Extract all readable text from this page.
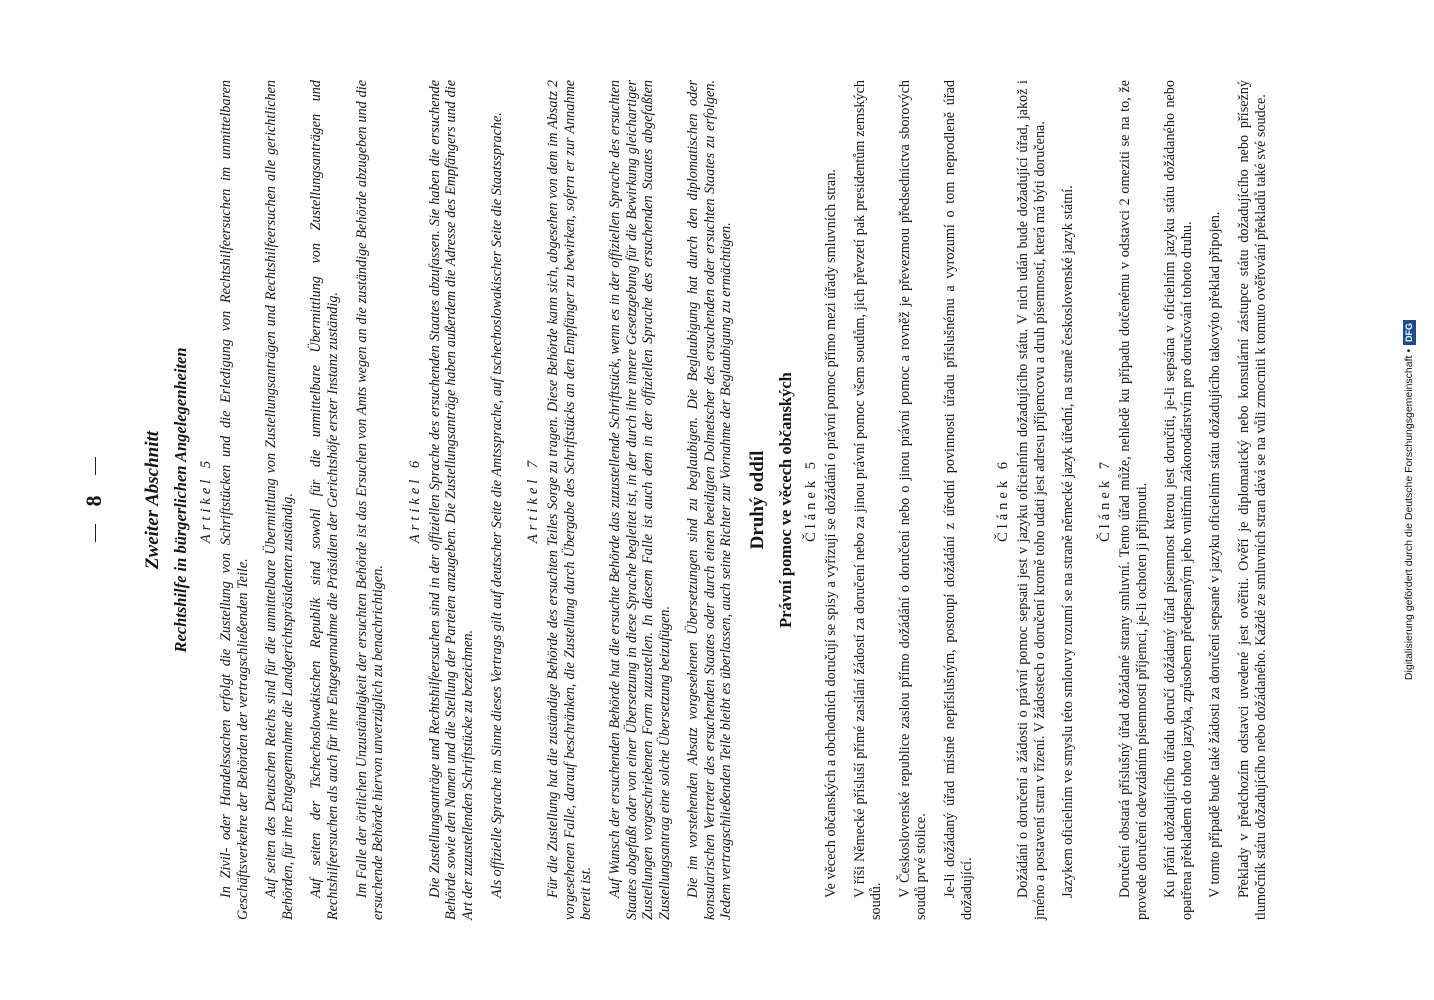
8	Zweiter Abschnitt Rechtshilfe in bürgerlichen Angelegenheiten Artikel 5 In Zivil- oder Handelssachen erfolgt die Zustellung von Schriftstücken und die Erledigung von Rechtshilfeersuchen im unmittelbaren Geschäftsverkehre der Behörden der vertragschließenden Teile. Auf seiten des Deutschen Reichs sind für die unmittelbare Übermittlung von Zustellungsanträgen und Rechtshilfeersuchen alle gerichtlichen Behörden, für ihre Entgegennahme die Landgerichtspräsidenten zuständig. Auf seiten der Tschechoslowakischen Republik sind sowohl für die unmittelbare Übermittlung von Zustellungsanträgen und Rechtshilfeersuchen als auch für ihre Entgegennahme die Präsidien der Gerichtshöfe erster Instanz zuständig. Im Falle der örtlichen Unzuständigkeit der ersuchten Behörde ist das Ersuchen von Amts wegen an die zuständige Behörde abzugeben und die ersuchende Behörde hiervon unverzüglich zu benachrichtigen.

Artikel 6 Die Zustellungsanträge und Rechtshilfeersuchen sind in der offiziellen Sprache des ersuchenden Staates abzufassen. Sie haben die ersuchende Behörde sowie den Namen und die Stellung der Parteien anzugeben. Die Zustellungsanträge haben außerdem die Adresse des Empfängers und die Art der zuzustellenden Schriftstücke zu bezeichnen. Als offizielle Sprache im Sinne dieses Vertrags gilt auf deutscher Seite die Amtssprache, auf tschechoslowakischer Seite die Staatssprache. Artikel 7 Für die Zustellung hat die zuständige Behörde des ersuchten Teiles Sorge zu tragen. Diese Behörde kann sich, abgesehen von dem im Absatz 2 vorgesehenen Falle, darauf beschränken, die Zustellung durch Übergabe des Schriftstücks an den Empfänger zu bewirken, sofern er zur Annahme bereit ist. Auf Wunsch der ersuchenden Behörde hat die ersuchte Behörde das zuzustellende Schriftstück, wenn es in der offiziellen Sprache des ersuchten Staates abgefaßt oder von einer Übersetzung in diese Sprache begleitet ist, in der durch ihre innere Gesetzgebung für die Bewirkung gleichartiger Zustellungen vorgeschriebenen Form zuzustellen. In diesem Falle ist auch dem in der offiziellen Sprache des ersuchenden Staates abgefaßten Zustellungsantrag eine solche Übersetzung beizufügen. Die im vorstehenden Absatz vorgesehenen Übersetzungen sind zu beglaubigen. Die Beglaubigung hat durch den diplomatischen oder konsularischen Vertreter des ersuchenden Staates oder durch einen beeidigten Dolmetscher des ersuchenden oder ersuchten Staates zu erfolgen. Jedem vertragschließenden Teile bleibt es überlassen, auch seine Richter zur Vornahme der Beglaubigung zu ermächtigen. Druhý oddíl Právní pomoc ve věcech občanských Článek 5 Ve věcech občanských a obchodních doručují se spisy a vyřizují se dožádání o právní pomoc přímo mezi úřady smluvních stran. V říši Německé přísluší přímé zasílání žádostí za doručení nebo za jinou právní pomoc všem soudům, jich převzetí pak presidentům zemských soudů.

V Československé republice zaslou přímo dožádání o doručení nebo o jinou právní pomoc a rovněž je převezmou předsednictva sborových soudů prvé stolice. Je-li dožádaný úřad místně nepříslušným, postoupí dožádání z úřední povinnosti úřadu příslušnému a vyrozumí o tom neprodleně úřad dožadující.

Článek 6 Dožádání o doručení a žádosti o právní pomoc sepsati jest v jazyku oficielním dožadujícího státu. V nich udán bude dožadující úřad, jakož i jméno a postavení stran v řízení. V žádostech o doručení kromě toho udati jest adresu příjemcovu a druh písemností, která má býti doručena. Jazykem oficielním ve smyslu této smlouvy rozumí se na straně německé jazyk úřední, na straně československé jazyk státní. Článek 7 Doručení obstará příslušný úřad dožádané strany smluvní. Tento úřad může, nehledě ku případu dotčenému v odstavci 2 omeziti se na to, že provede doručení odevzdáním písemnosti příjemci, je-li ochoten ji přijmouti. Ku přání dožadujícího úřadu doručí dožádaný úřad písemnost kterou jest doručiti, je-li sepsána v oficielním jazyku státu dožádaného nebo opatřena překladem do tohoto jazyka, způsobem předepsaným jeho vnitřním zákonodárstvím pro doručování tohoto druhu. V tomto případě bude také žádosti za doručení sepsané v jazyku oficielním státu dožadujícího takovýto překlad připojen. Překlady v předchozím odstavci uvedené jest ověřiti. Ověří je diplomatický nebo konsulární zástupce státu dožadujícího nebo přísežný tlumočník státu dožadujícího nebo dožádaného. Každé ze smluvních stran dává se na vůli zmocniti k tomuto ověřování překladů také své soudce.	Digitalisierung gefördert durch die Deutsche Forschungsgemeinschaft •DFG
